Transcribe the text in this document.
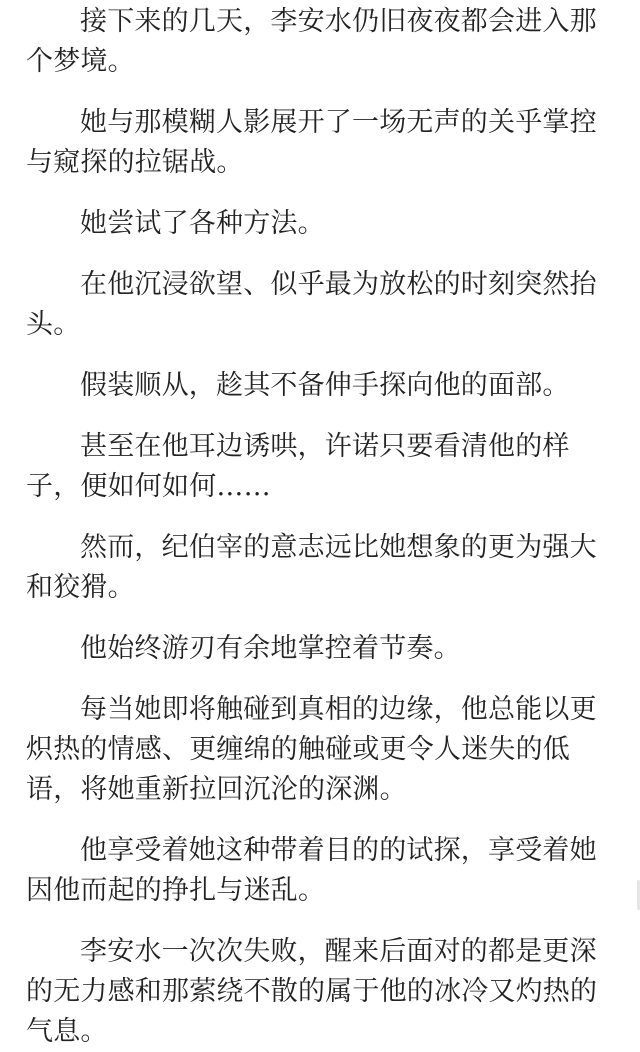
接下来的几天，李安水仍旧夜夜都会进入那个梦境。

她与那模糊人影展开了一场无声的关乎掌控与窥探的拉锯战。

她尝试了各种方法。

在他沉浸欲望、似乎最为放松的时刻突然抬头。

假装顺从，趁其不备伸手探向他的面部。

甚至在他耳边诱哄，许诺只要看清他的样子，便如何如何……

然而，纪伯宰的意志远比她想象的更为强大和狡猾。

他始终游刃有余地掌控着节奏。

每当她即将触碰到真相的边缘，他总能以更炽热的情感、更缠绵的触碰或更令人迷失的低语，将她重新拉回沉沦的深渊。

他享受着她这种带着目的的试探，享受着她因他而起的挣扎与迷乱。

李安水一次次失败，醒来后面对的都是更深的无力感和那萦绕不散的属于他的冰冷又灼热的气息。
